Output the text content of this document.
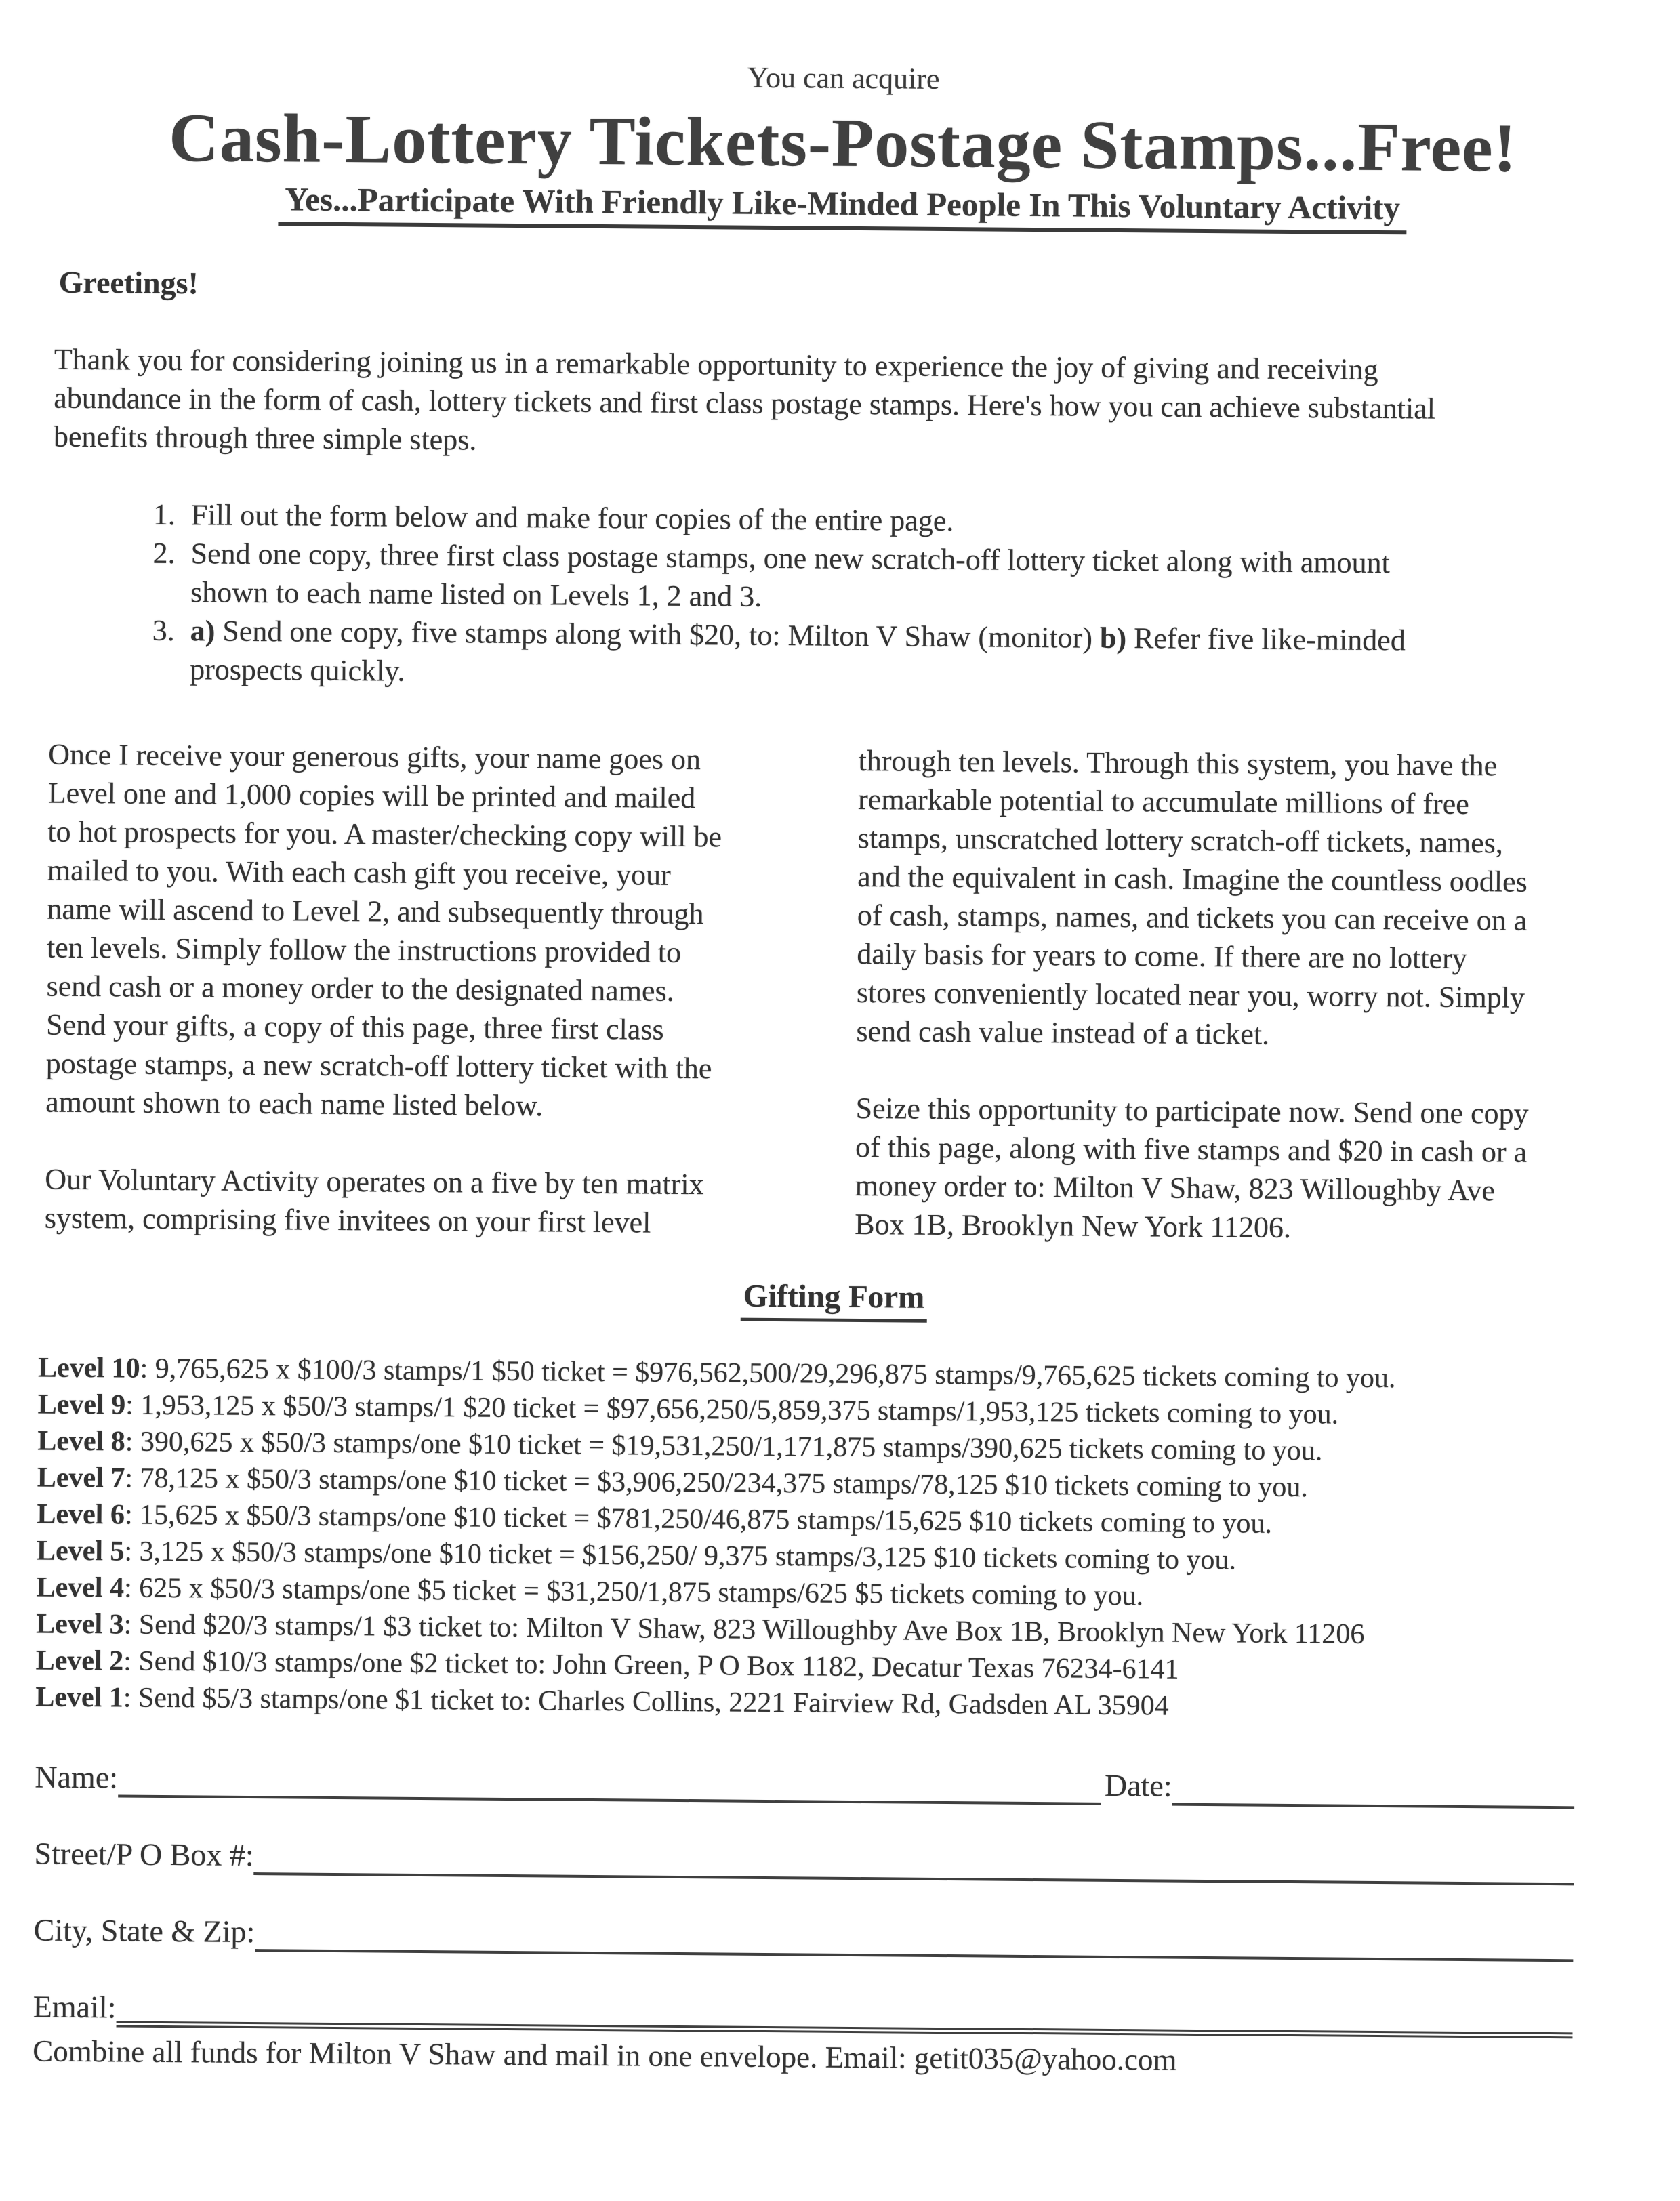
You can acquire
Cash-Lottery Tickets-Postage Stamps...Free!
Yes...Participate With Friendly Like-Minded People In This Voluntary Activity
Greetings!

Thank you for considering joining us in a remarkable opportunity to experience the joy of giving and receiving
abundance in the form of cash, lottery tickets and first class postage stamps. Here's how you can achieve substantial
benefits through three simple steps.

1. Fill out the form below and make four copies of the entire page.
2. Send one copy, three first class postage stamps, one new scratch-off lottery ticket along with amount
shown to each name listed on Levels 1, 2 and 3.
3. a) Send one copy, five stamps along with $20, to: Milton V Shaw (monitor) b) Refer five like-minded
prospects quickly.

Once I receive your generous gifts, your name goes on
Level one and 1,000 copies will be printed and mailed
to hot prospects for you. A master/checking copy will be
mailed to you. With each cash gift you receive, your
name will ascend to Level 2, and subsequently through
ten levels. Simply follow the instructions provided to
send cash or a money order to the designated names.
Send your gifts, a copy of this page, three first class
postage stamps, a new scratch-off lottery ticket with the
amount shown to each name listed below.

Our Voluntary Activity operates on a five by ten matrix
system, comprising five invitees on your first level

through ten levels. Through this system, you have the
remarkable potential to accumulate millions of free
stamps, unscratched lottery scratch-off tickets, names,
and the equivalent in cash. Imagine the countless oodles
of cash, stamps, names, and tickets you can receive on a
daily basis for years to come. If there are no lottery
stores conveniently located near you, worry not. Simply
send cash value instead of a ticket.

Seize this opportunity to participate now. Send one copy
of this page, along with five stamps and $20 in cash or a
money order to: Milton V Shaw, 823 Willoughby Ave
Box 1B, Brooklyn New York 11206.

Gifting Form
Level 10: 9,765,625 x $100/3 stamps/1 $50 ticket = $976,562,500/29,296,875 stamps/9,765,625 tickets coming to you.
Level 9: 1,953,125 x $50/3 stamps/1 $20 ticket = $97,656,250/5,859,375 stamps/1,953,125 tickets coming to you.
Level 8: 390,625 x $50/3 stamps/one $10 ticket = $19,531,250/1,171,875 stamps/390,625 tickets coming to you.
Level 7: 78,125 x $50/3 stamps/one $10 ticket = $3,906,250/234,375 stamps/78,125 $10 tickets coming to you.
Level 6: 15,625 x $50/3 stamps/one $10 ticket = $781,250/46,875 stamps/15,625 $10 tickets coming to you.
Level 5: 3,125 x $50/3 stamps/one $10 ticket = $156,250/ 9,375 stamps/3,125 $10 tickets coming to you.
Level 4: 625 x $50/3 stamps/one $5 ticket = $31,250/1,875 stamps/625 $5 tickets coming to you.
Level 3: Send $20/3 stamps/1 $3 ticket to: Milton V Shaw, 823 Willoughby Ave Box 1B, Brooklyn New York 11206
Level 2: Send $10/3 stamps/one $2 ticket to: John Green, P O Box 1182, Decatur Texas 76234-6141
Level 1: Send $5/3 stamps/one $1 ticket to: Charles Collins, 2221 Fairview Rd, Gadsden AL 35904
Name:	Date:
Street/P O Box #:
City, State & Zip:
Email:
Combine all funds for Milton V Shaw and mail in one envelope. Email: getit035@yahoo.com
